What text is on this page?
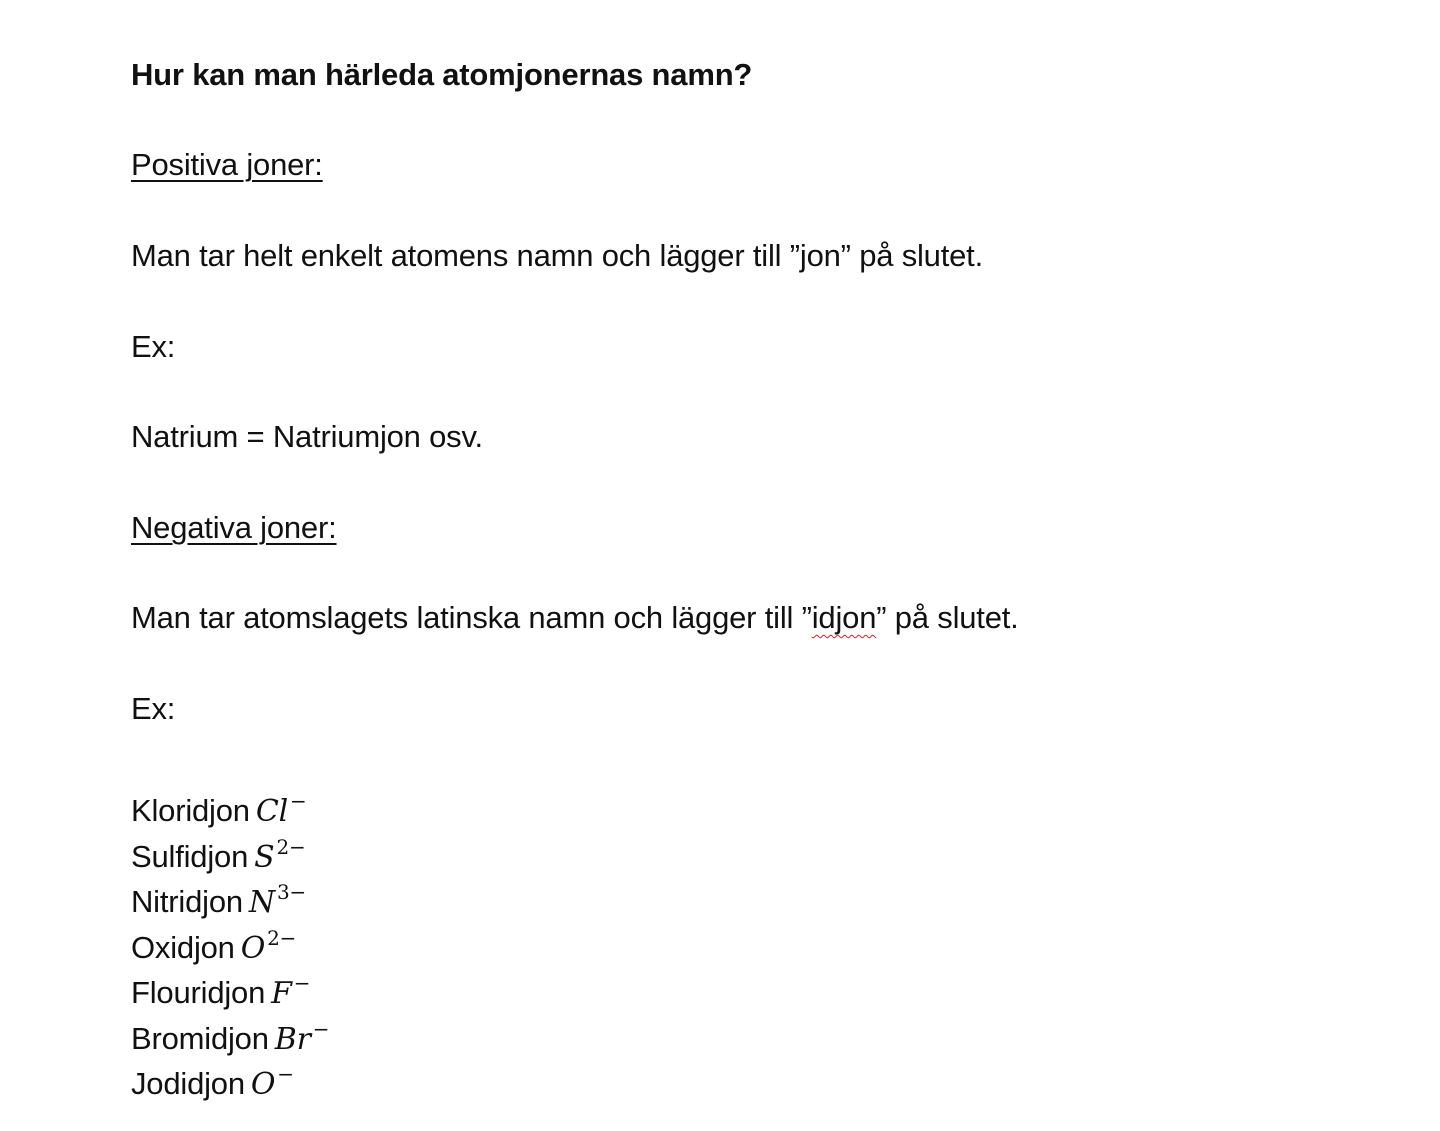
Hur kan man härleda atomjonernas namn?
Positiva joner:
Man tar helt enkelt atomens namn och lägger till ”jon” på slutet.
Ex:
Natrium = Natriumjon osv.
Negativa joner:
Man tar atomslagets latinska namn och lägger till ”idjon” på slutet.
Ex:
Kloridjon Cl −
Sulfidjon S $^{2-}$
Nitridjon N $^{3-}$
Oxidjon O $^{2-}$
Flouridjon F −
Bromidjon Br −
Jodidjon O −
